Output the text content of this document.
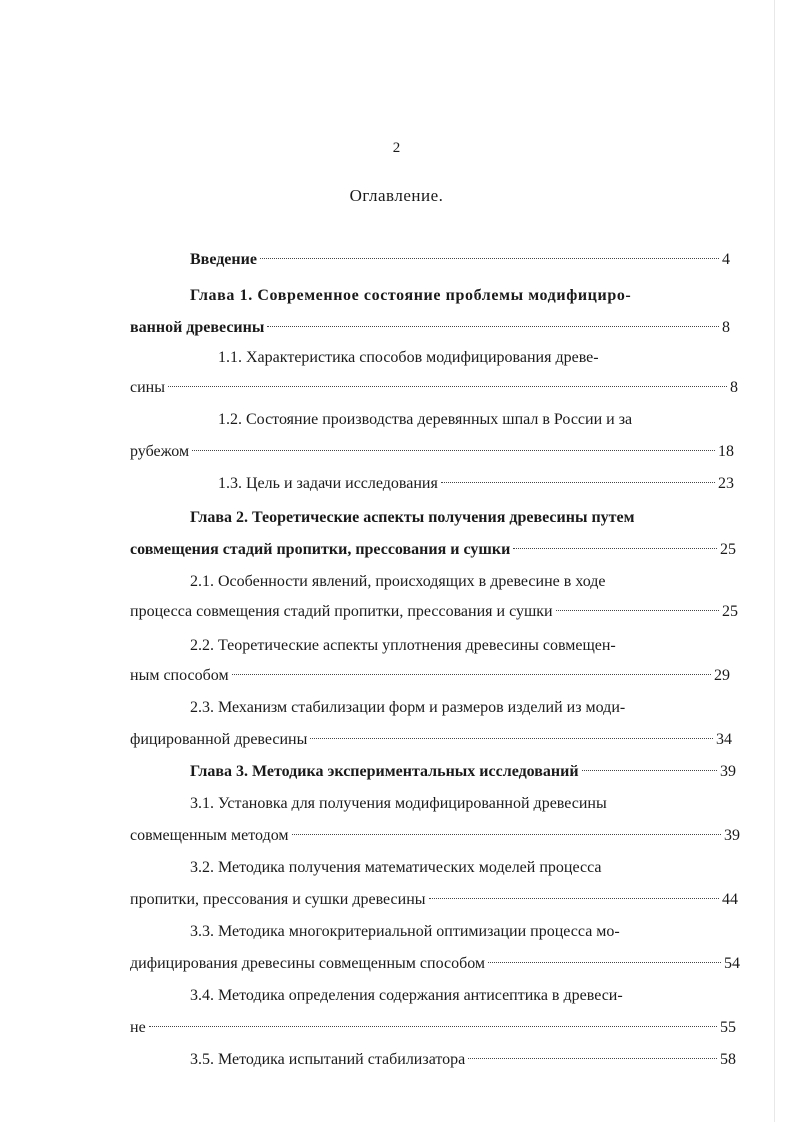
2
Оглавление.
Введение	4
Глава 1. Современное состояние проблемы модифициро-
ванной древесины	8
1.1. Характеристика способов модифицирования древе-
сины	8
1.2. Состояние производства деревянных шпал в России и за
рубежом	18
1.3. Цель и задачи исследования	23
Глава 2. Теоретические аспекты получения древесины путем
совмещения стадий пропитки, прессования и сушки	25
2.1. Особенности явлений, происходящих в древесине в ходе
процесса совмещения стадий пропитки, прессования и сушки	25
2.2. Теоретические аспекты уплотнения древесины совмещен-
ным способом	29
2.3. Механизм стабилизации форм и размеров изделий из моди-
фицированной древесины	34
Глава 3. Методика экспериментальных исследований	39
3.1. Установка для получения модифицированной древесины
совмещенным методом	39
3.2. Методика получения математических моделей процесса
пропитки, прессования и сушки древесины	44
3.3. Методика многокритериальной оптимизации процесса мо-
дифицирования древесины совмещенным способом	54
3.4. Методика определения содержания антисептика в древеси-
не	55
3.5. Методика испытаний стабилизатора	58
